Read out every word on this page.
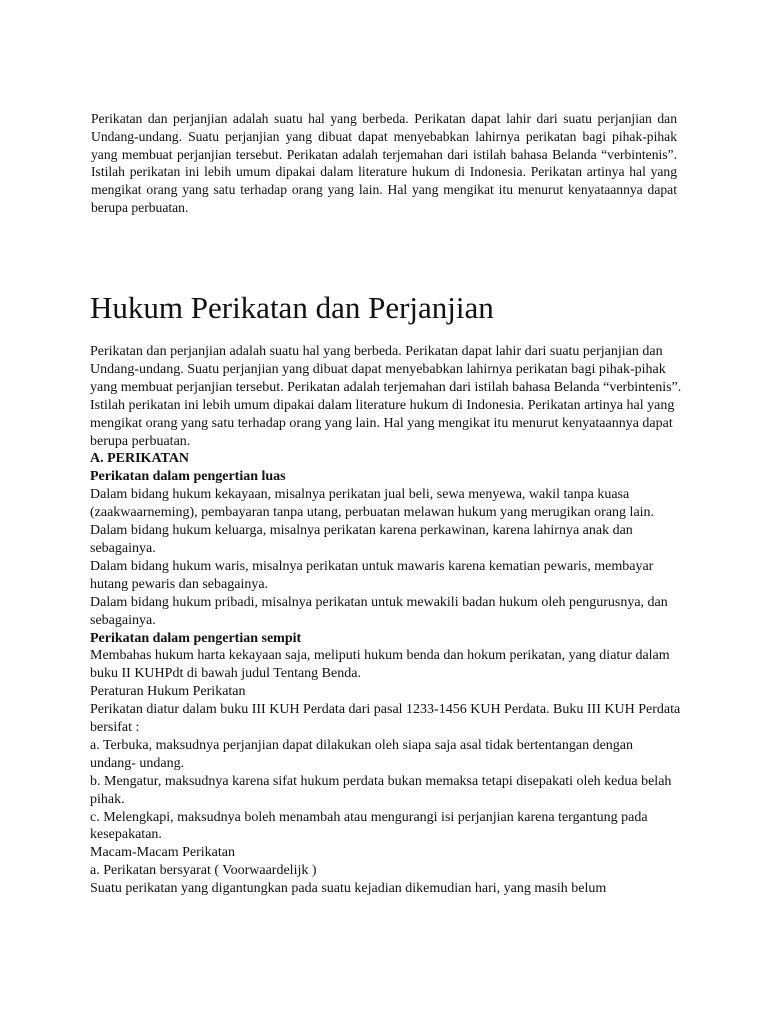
Perikatan dan perjanjian adalah suatu hal yang berbeda. Perikatan dapat lahir dari suatu perjanjian dan Undang-undang. Suatu perjanjian yang dibuat dapat menyebabkan lahirnya perikatan bagi pihak-pihak yang membuat perjanjian tersebut. Perikatan adalah terjemahan dari istilah bahasa Belanda “verbintenis”. Istilah perikatan ini lebih umum dipakai dalam literature hukum di Indonesia. Perikatan artinya hal yang mengikat orang yang satu terhadap orang yang lain. Hal yang mengikat itu menurut kenyataannya dapat berupa perbuatan.

Hukum Perikatan dan Perjanjian

Perikatan dan perjanjian adalah suatu hal yang berbeda. Perikatan dapat lahir dari suatu perjanjian dan Undang-undang. Suatu perjanjian yang dibuat dapat menyebabkan lahirnya perikatan bagi pihak-pihak yang membuat perjanjian tersebut. Perikatan adalah terjemahan dari istilah bahasa Belanda “verbintenis”. Istilah perikatan ini lebih umum dipakai dalam literature hukum di Indonesia. Perikatan artinya hal yang mengikat orang yang satu terhadap orang yang lain. Hal yang mengikat itu menurut kenyataannya dapat berupa perbuatan.

A. PERIKATAN

Perikatan dalam pengertian luas

Dalam bidang hukum kekayaan, misalnya perikatan jual beli, sewa menyewa, wakil tanpa kuasa (zaakwaarneming), pembayaran tanpa utang, perbuatan melawan hukum yang merugikan orang lain.

Dalam bidang hukum keluarga, misalnya perikatan karena perkawinan, karena lahirnya anak dan sebagainya.

Dalam bidang hukum waris, misalnya perikatan untuk mawaris karena kematian pewaris, membayar hutang pewaris dan sebagainya.

Dalam bidang hukum pribadi, misalnya perikatan untuk mewakili badan hukum oleh pengurusnya, dan sebagainya.

Perikatan dalam pengertian sempit

Membahas hukum harta kekayaan saja, meliputi hukum benda dan hokum perikatan, yang diatur dalam buku II KUHPdt di bawah judul Tentang Benda.

Peraturan Hukum Perikatan

Perikatan diatur dalam buku III KUH Perdata dari pasal 1233-1456 KUH Perdata. Buku III KUH Perdata bersifat :

a. Terbuka, maksudnya perjanjian dapat dilakukan oleh siapa saja asal tidak bertentangan dengan undang- undang.

b. Mengatur, maksudnya karena sifat hukum perdata bukan memaksa tetapi disepakati oleh kedua belah pihak.

c. Melengkapi, maksudnya boleh menambah atau mengurangi isi perjanjian karena tergantung pada kesepakatan.

Macam-Macam Perikatan

a. Perikatan bersyarat ( Voorwaardelijk )

Suatu perikatan yang digantungkan pada suatu kejadian dikemudian hari, yang masih belum
